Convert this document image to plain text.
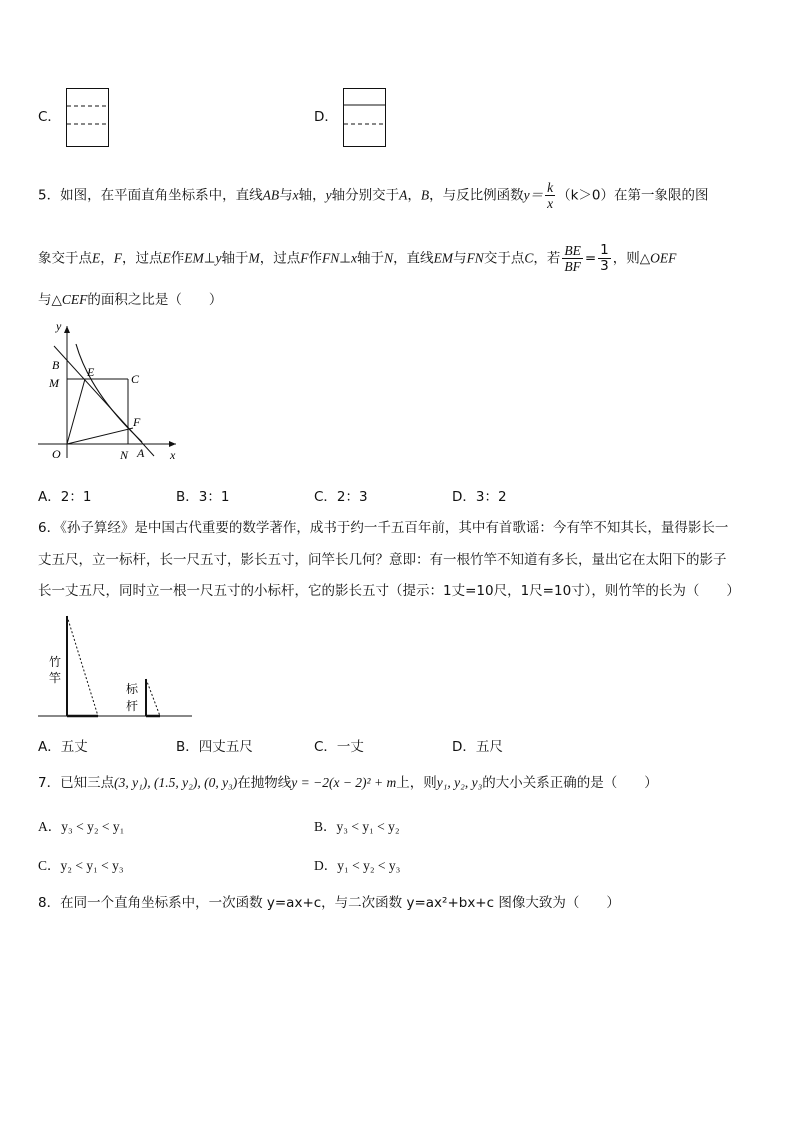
C．	D．
5．如图，在平面直角坐标系中，直线AB与x轴，y轴分别交于A，B，与反比例函数$y= \frac{k}{x} (k>0)$在第一象限的图
象交于点E，F，过点E作EM⊥y轴于M，过点F作FN⊥x轴于N，直线EM与FN交于点C，若 $\frac{BE}{BF} = \frac{1}{3}$ ，则△OEF
与△CEF的面积之比是（　　）
y
x
O
B
M
E	C
F
N A
A．2：1	B．3：1	C．2：3	D．3：2
6．《孙子算经》是中国古代重要的数学著作，成书于约一千五百年前，其中有首歌谣：今有竿不知其长，量得影长一
丈五尺，立一标杆，长一尺五寸，影长五寸，问竿长几何？意即：有一根竹竿不知道有多长，量出它在太阳下的影子
长一丈五尺，同时立一根一尺五寸的小标杆，它的影长五寸（提示：1丈=10尺，1尺=10寸），则竹竿的长为（　　）
竹
竿
标
杆
A．五丈	B．四丈五尺	C．一丈	D．五尺
7．已知三点(3, y₁), (1.5, y₂), (0, y₃)在抛物线y = −2(x − 2)² + m上，则y₁, y₂, y₃的大小关系正确的是（　　）
A．y₃ < y₂ < y₁	B．y₃ < y₁ < y₂
C．y₂ < y₁ < y₃	D．y₁ < y₂ < y₃
8．在同一个直角坐标系中，一次函数 y=ax+c，与二次函数 y=ax²+bx+c 图像大致为（　　）
